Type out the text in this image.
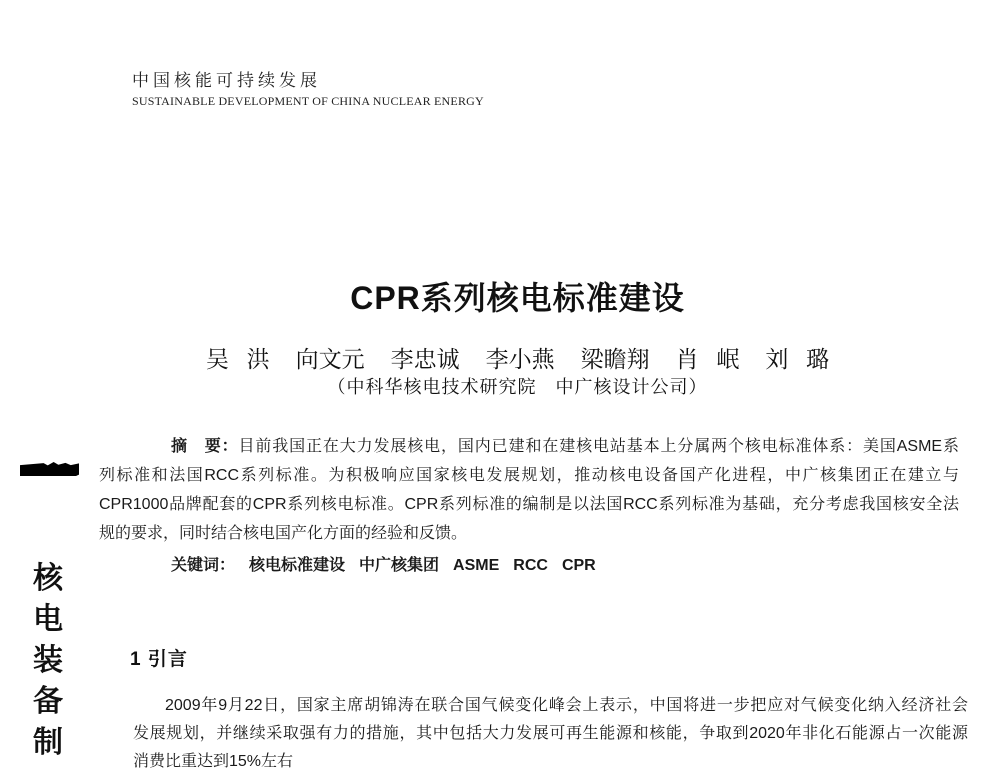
中国核能可持续发展
SUSTAINABLE DEVELOPMENT OF CHINA NUCLEAR ENERGY
核
电
装
备
制
CPR系列核电标准建设
吴 洪 向文元 李忠诚 李小燕 梁瞻翔 肖 岷 刘 璐
（中科华核电技术研究院　中广核设计公司）
摘　要：目前我国正在大力发展核电，国内已建和在建核电站基本上分属两个核电标准体系：美国ASME系
列标准和法国RCC系列标准。为积极响应国家核电发展规划，推动核电设备国产化进程，中广核集团正在建立与
CPR1000品牌配套的CPR系列核电标准。CPR系列标准的编制是以法国RCC系列标准为基础，充分考虑我国核安全法
规的要求，同时结合核电国产化方面的经验和反馈。
关键词： 核电标准建设 中广核集团 ASME RCC CPR
1 引言
2009年9月22日，国家主席胡锦涛在联合国气候变化峰会上表示，中国将进一步把应对气候变化纳入经济社会
发展规划，并继续采取强有力的措施，其中包括大力发展可再生能源和核能，争取到2020年非化石能源占一次能源
消费比重达到15%左右
